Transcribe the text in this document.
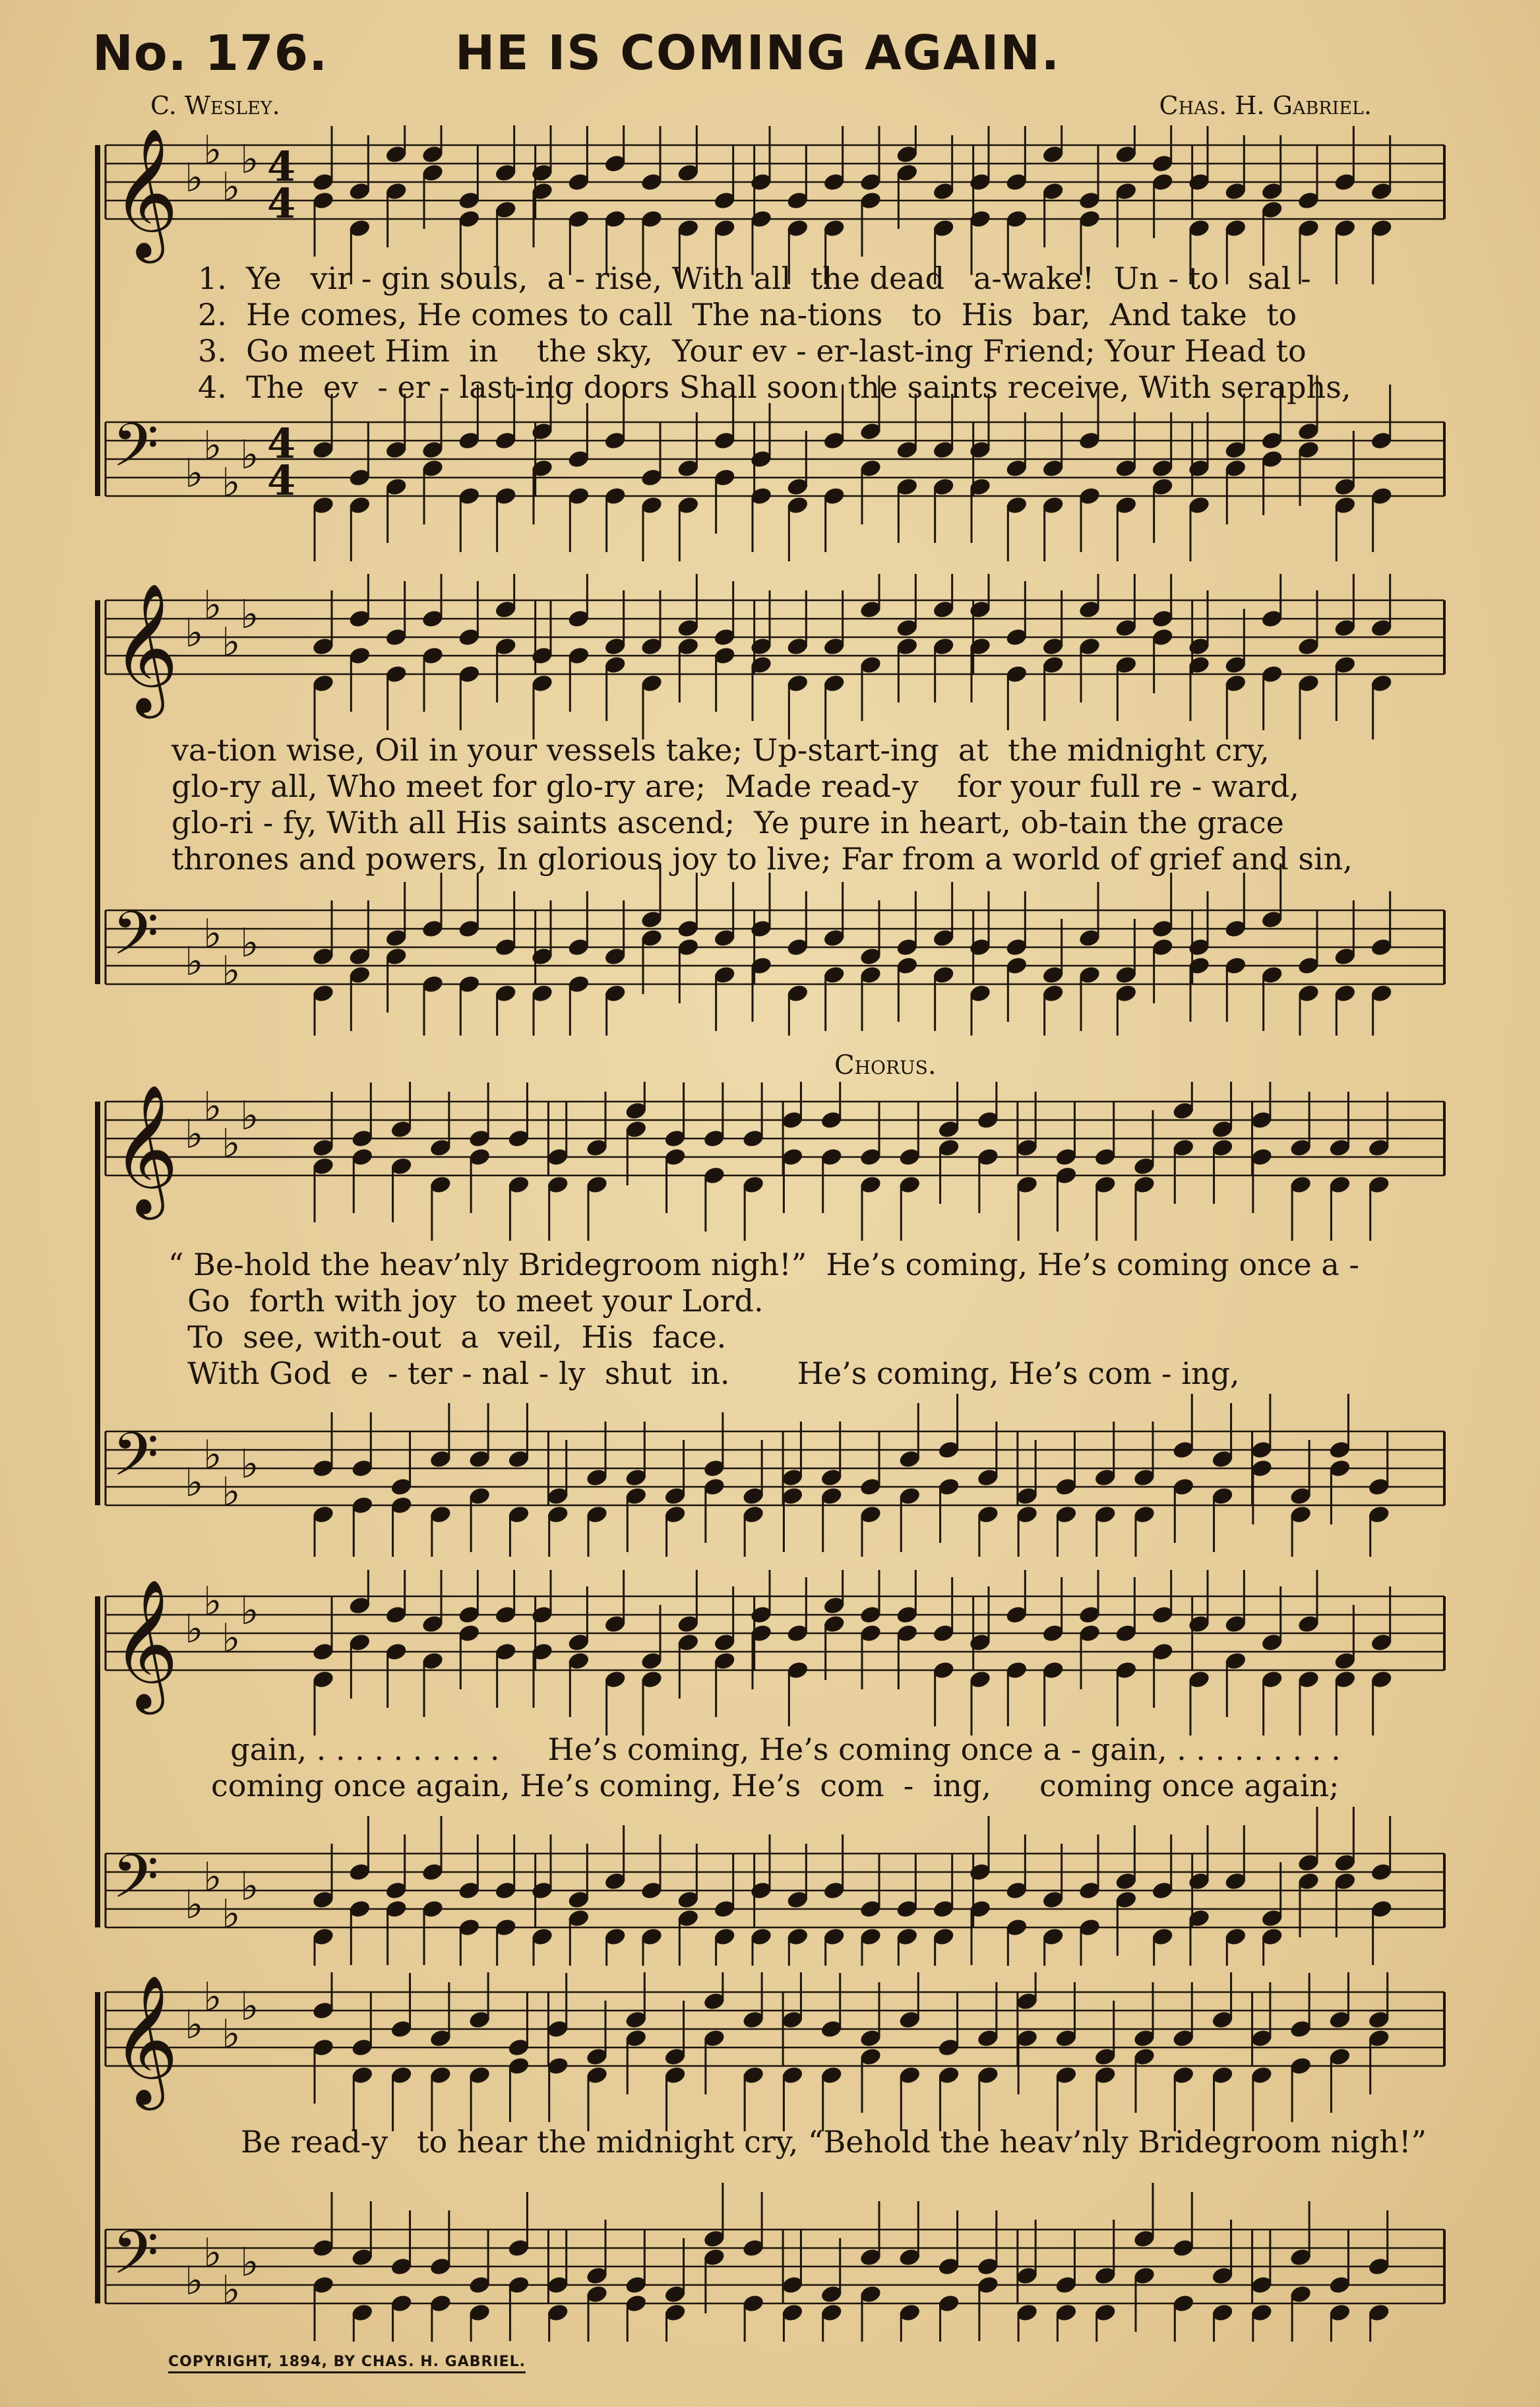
No. 176.	HE IS COMING AGAIN.
C. Wesley.	Chas. H. Gabriel.
𝄞 ♭
♭
♭
♭ 4
4
𝄢 ♭
♭
♭
♭ 4
4
1.  Ye   vir - gin souls,  a - rise, With all  the dead   a-wake!  Un - to   sal -
2.  He comes, He comes to call  The na-tions   to  His  bar,  And take  to
3.  Go meet Him  in    the sky,  Your ev - er-last-ing Friend; Your Head to
4.  The  ev  - er - last-ing doors Shall soon the saints receive, With seraphs,
𝄞 ♭
♭
♭
♭
𝄢 ♭
♭
♭
♭
va-tion wise, Oil in your vessels take; Up-start-ing  at  the midnight cry,
glo-ry all, Who meet for glo-ry are;  Made read-y    for your full re - ward,
glo-ri - fy, With all His saints ascend;  Ye pure in heart, ob-tain the grace
thrones and powers, In glorious joy to live; Far from a world of grief and sin,
Chorus.
𝄞 ♭
♭
♭
♭
𝄢 ♭
♭
♭
♭
“ Be-hold the heav’nly Bridegroom nigh!”  He’s coming, He’s coming once a -
Go  forth with joy  to meet your Lord.
To  see, with-out  a  veil,  His  face.
With God  e  - ter - nal - ly  shut  in.       He’s coming, He’s com - ing,
𝄞 ♭
♭
♭
♭
𝄢 ♭
♭
♭
♭
gain, . . . . . . . . . .     He’s coming, He’s coming once a - gain, . . . . . . . . .
coming once again, He’s coming, He’s  com  -  ing,     coming once again;
𝄞 ♭
♭
♭
♭
𝄢 ♭
♭
♭
♭
Be read-y   to hear the midnight cry, “Behold the heav’nly Bridegroom nigh!”
COPYRIGHT, 1894, BY CHAS. H. GABRIEL.
